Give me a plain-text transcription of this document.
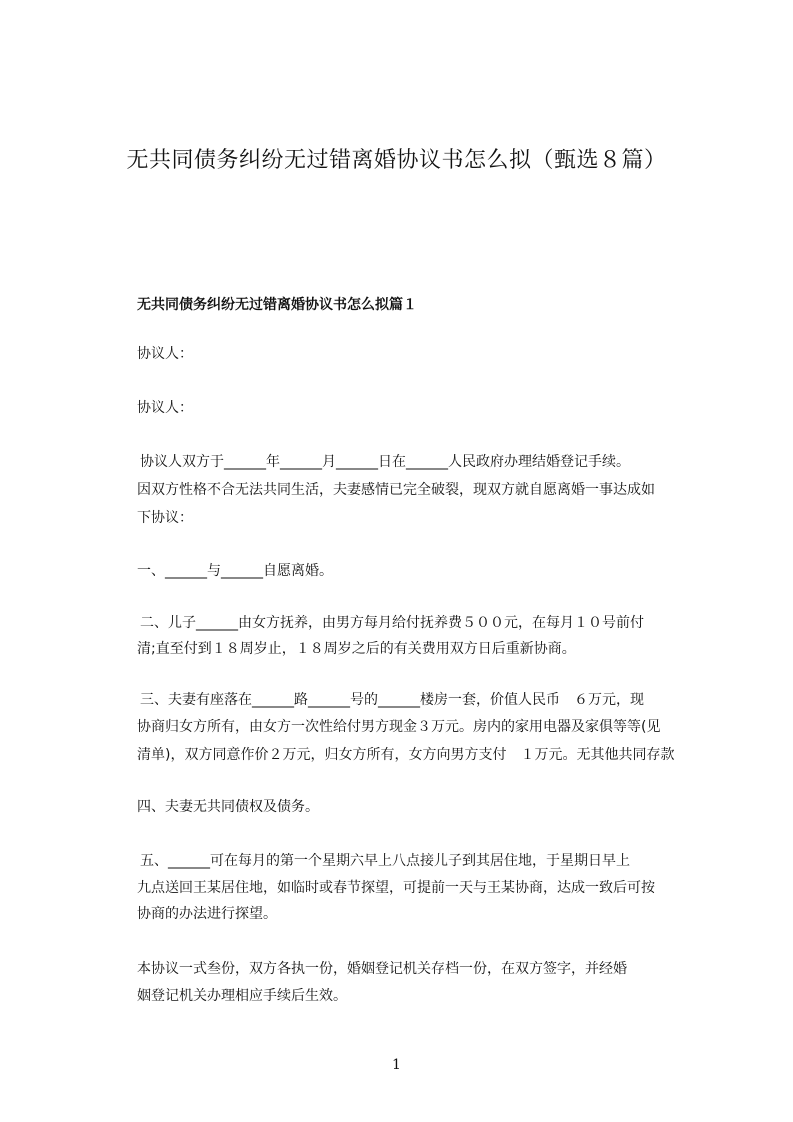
无共同债务纠纷无过错离婚协议书怎么拟（甄选８篇）
无共同债务纠纷无过错离婚协议书怎么拟篇１
协议人：
协议人：
协议人双方于______年______月______日在______人民政府办理结婚登记手续。
因双方性格不合无法共同生活，夫妻感情已完全破裂，现双方就自愿离婚一事达成如
下协议：
一、______与______自愿离婚。
二、儿子______由女方抚养，由男方每月给付抚养费５００元，在每月１０号前付
清;直至付到１８周岁止，１８周岁之后的有关费用双方日后重新协商。
三、夫妻有座落在______路______号的______楼房一套，价值人民币　６万元，现
协商归女方所有，由女方一次性给付男方现金３万元。房内的家用电器及家俱等等(见
清单)，双方同意作价２万元，归女方所有，女方向男方支付　１万元。无其他共同存款
四、夫妻无共同债权及债务。
五、______可在每月的第一个星期六早上八点接儿子到其居住地，于星期日早上
九点送回王某居住地，如临时或春节探望，可提前一天与王某协商，达成一致后可按
协商的办法进行探望。
本协议一式叁份，双方各执一份，婚姻登记机关存档一份，在双方签字，并经婚
姻登记机关办理相应手续后生效。
1
